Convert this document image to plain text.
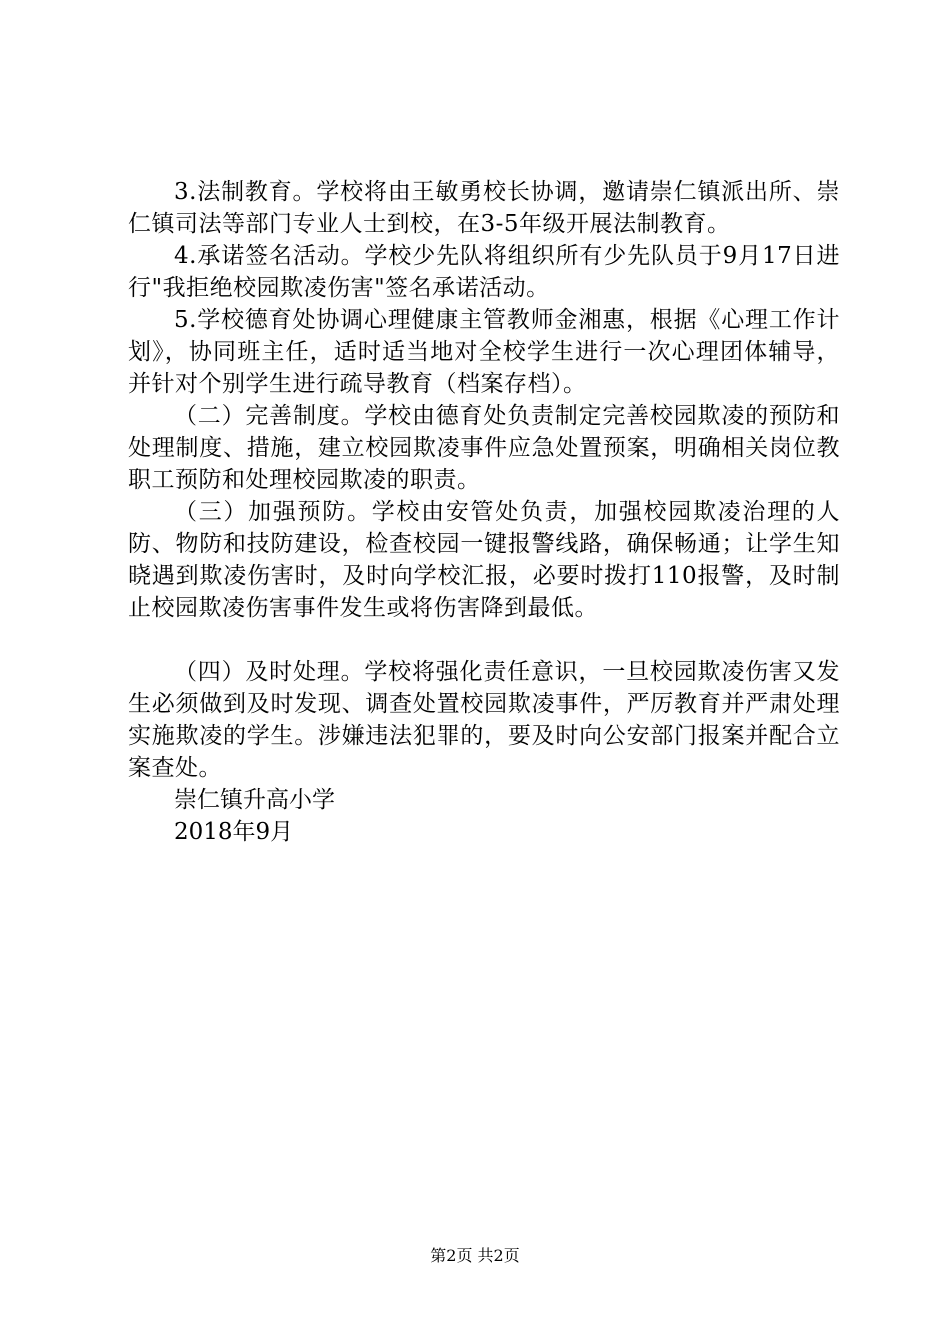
3.法制教育。学校将由王敏勇校长协调，邀请崇仁镇派出所、崇仁镇司法等部门专业人士到校，在3-5年级开展法制教育。

4.承诺签名活动。学校少先队将组织所有少先队员于9月17日进行"我拒绝校园欺凌伤害"签名承诺活动。

5.学校德育处协调心理健康主管教师金湘惠，根据《心理工作计划》，协同班主任，适时适当地对全校学生进行一次心理团体辅导，并针对个别学生进行疏导教育（档案存档）。

（二）完善制度。学校由德育处负责制定完善校园欺凌的预防和处理制度、措施，建立校园欺凌事件应急处置预案，明确相关岗位教职工预防和处理校园欺凌的职责。

（三）加强预防。学校由安管处负责，加强校园欺凌治理的人防、物防和技防建设，检查校园一键报警线路，确保畅通；让学生知晓遇到欺凌伤害时，及时向学校汇报，必要时拨打110报警，及时制止校园欺凌伤害事件发生或将伤害降到最低。

（四）及时处理。学校将强化责任意识，一旦校园欺凌伤害又发生必须做到及时发现、调查处置校园欺凌事件，严厉教育并严肃处理实施欺凌的学生。涉嫌违法犯罪的，要及时向公安部门报案并配合立案查处。

崇仁镇升高小学

2018年9月

第2页 共2页
